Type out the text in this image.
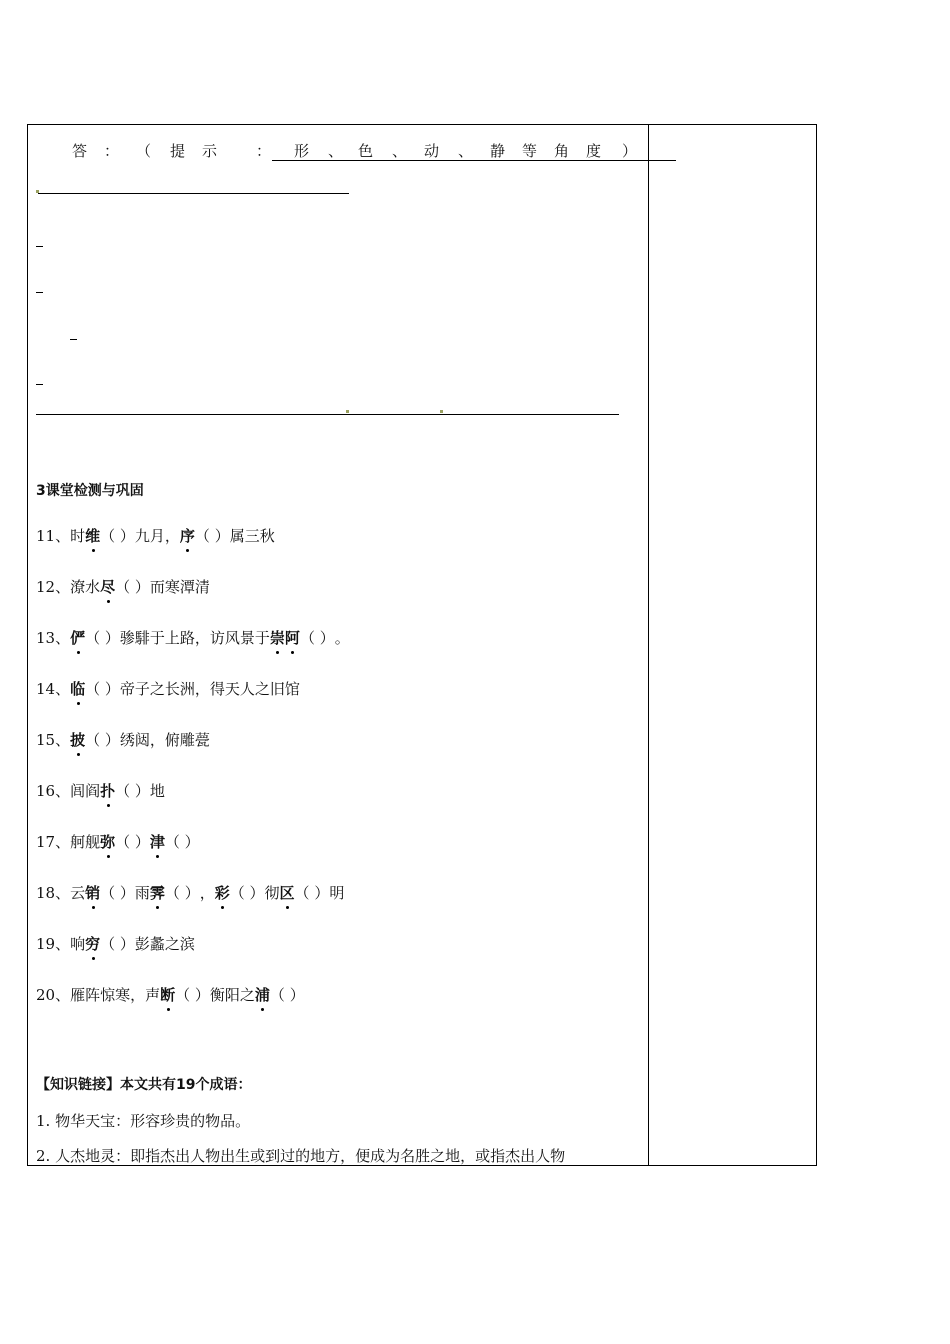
答 ： （ 提 示	： 形 、 色 、 动 、 静 等 角 度 ）
3课堂检测与巩固
11、时维（ ）九月，序（ ）属三秋
12、潦水尽（ ）而寒潭清
13、俨（ ）骖騑于上路，访风景于崇阿（ ）。
14、临（ ）帝子之长洲，得天人之旧馆
15、披（ ）绣闼，俯雕甍
16、闾阎扑（ ）地
17、舸舰弥（ ）津（ ）
18、云销（ ）雨霁（ ），彩（ ）彻区（ ）明
19、响穷（ ）彭蠡之滨
20、雁阵惊寒，声断（ ）衡阳之浦（ ）
【知识链接】本文共有19个成语：
1. 物华天宝：形容珍贵的物品。
2. 人杰地灵：即指杰出人物出生或到过的地方，便成为名胜之地，或指杰出人物
